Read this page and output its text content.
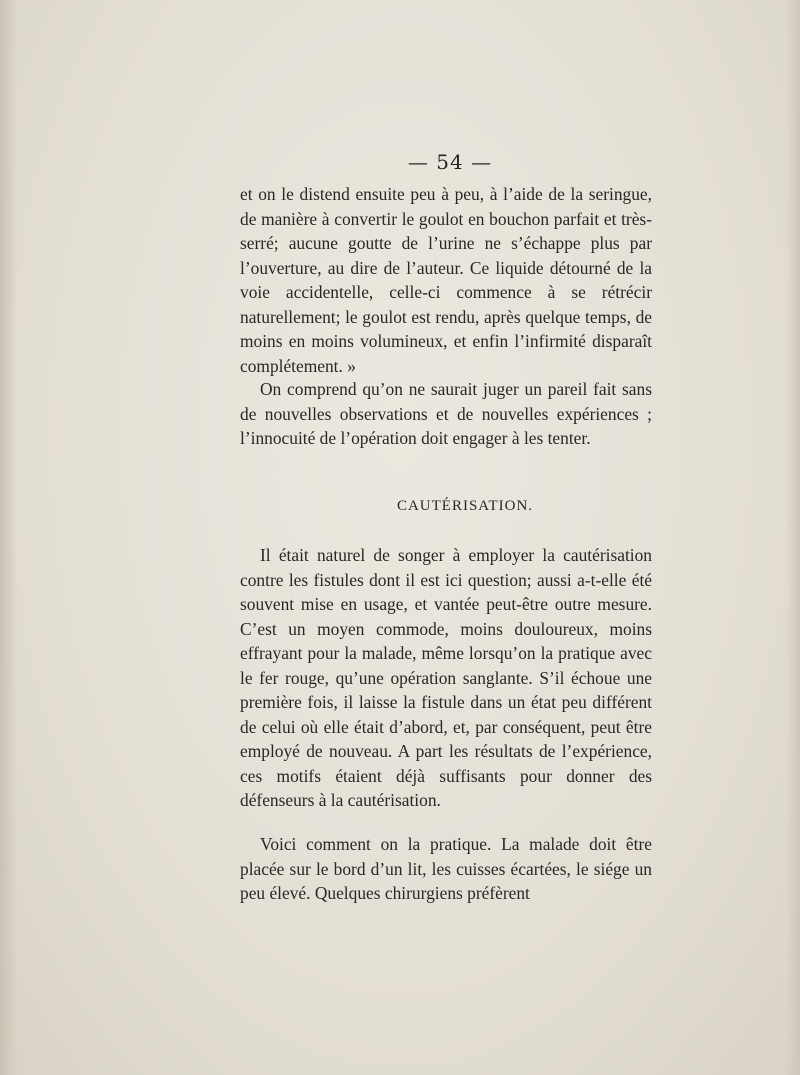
— 54 —
et on le distend ensuite peu à peu, à l’aide de la seringue, de manière à convertir le goulot en bouchon parfait et très-serré; aucune goutte de l’urine ne s’échappe plus par l’ouverture, au dire de l’auteur. Ce liquide détourné de la voie accidentelle, celle-ci commence à se rétrécir naturellement; le goulot est rendu, après quelque temps, de moins en moins volumineux, et enfin l’infirmité disparaît complétement. »
On comprend qu’on ne saurait juger un pareil fait sans de nouvelles observations et de nouvelles expériences ; l’innocuité de l’opération doit engager à les tenter.
CAUTÉRISATION.
Il était naturel de songer à employer la cautérisation contre les fistules dont il est ici question; aussi a-t-elle été souvent mise en usage, et vantée peut-être outre mesure. C’est un moyen commode, moins douloureux, moins effrayant pour la malade, même lorsqu’on la pratique avec le fer rouge, qu’une opération sanglante. S’il échoue une première fois, il laisse la fistule dans un état peu différent de celui où elle était d’abord, et, par conséquent, peut être employé de nouveau. A part les résultats de l’expérience, ces motifs étaient déjà suffisants pour donner des défenseurs à la cautérisation.
Voici comment on la pratique. La malade doit être placée sur le bord d’un lit, les cuisses écartées, le siége un peu élevé. Quelques chirurgiens préfèrent
